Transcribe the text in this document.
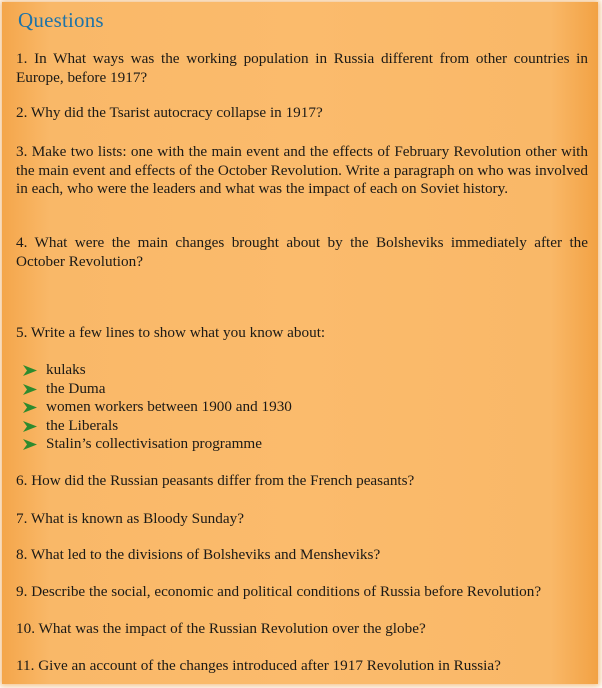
Questions
1. In What ways was the working population in Russia different from other countries in Europe, before 1917?
2. Why did the Tsarist autocracy collapse in 1917?
3. Make two lists: one with the main event and the effects of February Revolution other with the main event and effects of the October Revolution. Write a paragraph on who was involved in each, who were the leaders and what was the impact of each on Soviet history.
4. What were the main changes brought about by the Bolsheviks immediately after the October Revolution?
5. Write a few lines to show what you know about:
kulaks
the Duma
women workers between 1900 and 1930
the Liberals
Stalin’s collectivisation programme
6. How did the Russian peasants differ from the French peasants?
7. What is known as Bloody Sunday?
8. What led to the divisions of Bolsheviks and Mensheviks?
9. Describe the social, economic and political conditions of Russia before Revolution?
10. What was the impact of the Russian Revolution over the globe?
11. Give an account of the changes introduced after 1917 Revolution in Russia?
